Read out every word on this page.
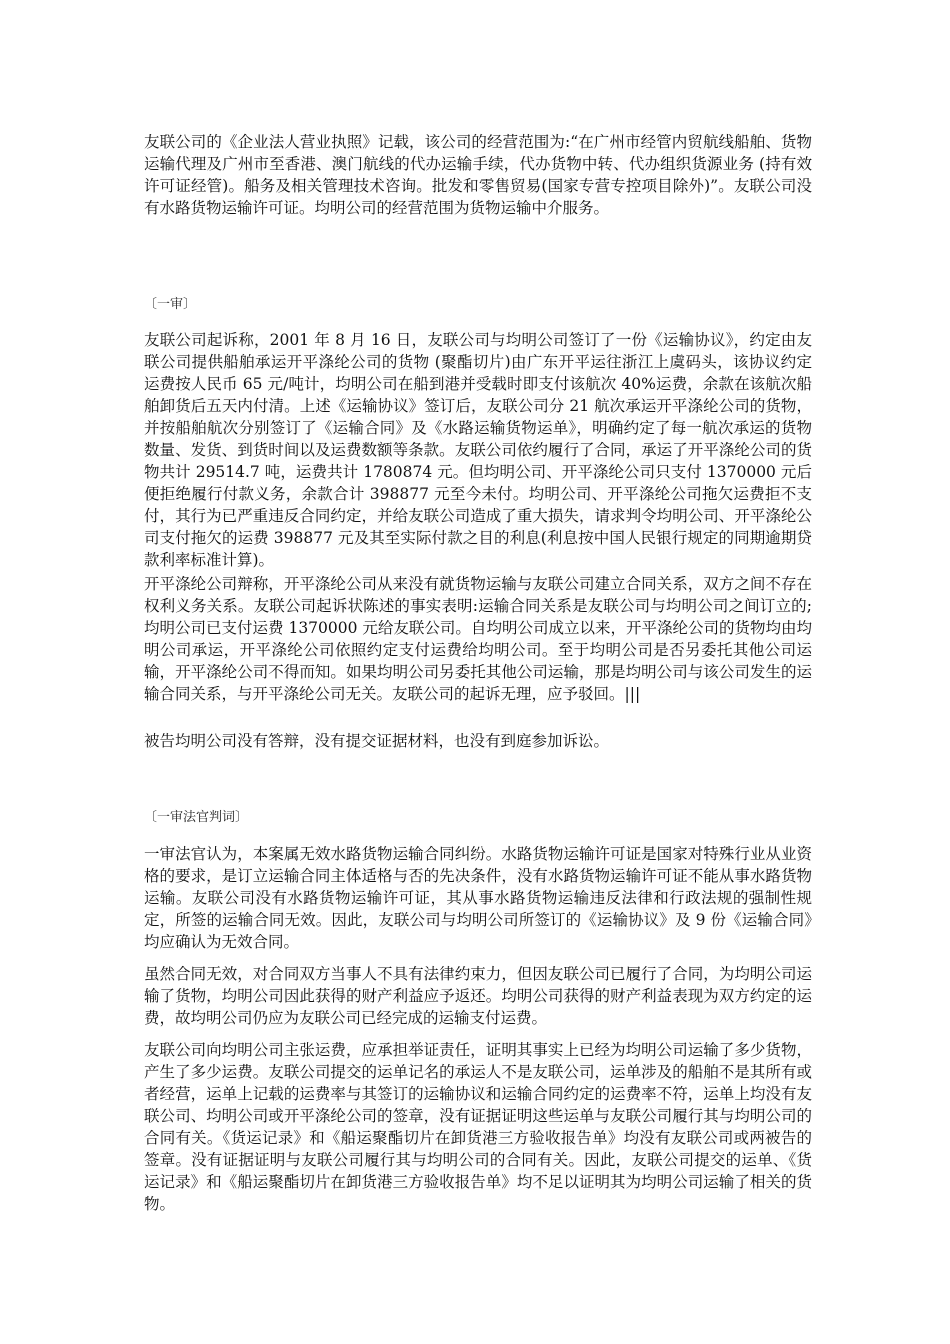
友联公司的《企业法人营业执照》记载，该公司的经营范围为:“在广州市经管内贸航线船舶、货物运输代理及广州市至香港、澳门航线的代办运输手续，代办货物中转、代办组织货源业务 (持有效许可证经管)。船务及相关管理技术咨询。批发和零售贸易(国家专营专控项目除外)”。友联公司没有水路货物运输许可证。均明公司的经营范围为货物运输中介服务。

〔一审〕

友联公司起诉称，2001 年 8 月 16 日，友联公司与均明公司签订了一份《运输协议》，约定由友联公司提供船舶承运开平涤纶公司的货物 (聚酯切片)由广东开平运往浙江上虞码头，该协议约定运费按人民币 65 元/吨计，均明公司在船到港并受载时即支付该航次 40%运费，余款在该航次船舶卸货后五天内付清。上述《运输协议》签订后，友联公司分 21 航次承运开平涤纶公司的货物，并按船舶航次分别签订了《运输合同》及《水路运输货物运单》，明确约定了每一航次承运的货物数量、发货、到货时间以及运费数额等条款。友联公司依约履行了合同，承运了开平涤纶公司的货物共计 29514.7 吨，运费共计 1780874 元。但均明公司、开平涤纶公司只支付 1370000 元后便拒绝履行付款义务，余款合计 398877 元至今未付。均明公司、开平涤纶公司拖欠运费拒不支付，其行为已严重违反合同约定，并给友联公司造成了重大损失，请求判令均明公司、开平涤纶公司支付拖欠的运费 398877 元及其至实际付款之目的利息(利息按中国人民银行规定的同期逾期贷款利率标准计算)。

开平涤纶公司辩称，开平涤纶公司从来没有就货物运输与友联公司建立合同关系，双方之间不存在权利义务关系。友联公司起诉状陈述的事实表明:运输合同关系是友联公司与均明公司之间订立的;均明公司已支付运费 1370000 元给友联公司。自均明公司成立以来，开平涤纶公司的货物均由均明公司承运，开平涤纶公司依照约定支付运费给均明公司。至于均明公司是否另委托其他公司运输，开平涤纶公司不得而知。如果均明公司另委托其他公司运输，那是均明公司与该公司发生的运输合同关系，与开平涤纶公司无关。友联公司的起诉无理，应予驳回。|||

被告均明公司没有答辩，没有提交证据材料，也没有到庭参加诉讼。

〔一审法官判词〕

一审法官认为，本案属无效水路货物运输合同纠纷。水路货物运输许可证是国家对特殊行业从业资格的要求，是订立运输合同主体适格与否的先决条件，没有水路货物运输许可证不能从事水路货物运输。友联公司没有水路货物运输许可证，其从事水路货物运输违反法律和行政法规的强制性规定，所签的运输合同无效。因此，友联公司与均明公司所签订的《运输协议》及 9 份《运输合同》均应确认为无效合同。

虽然合同无效，对合同双方当事人不具有法律约束力，但因友联公司已履行了合同，为均明公司运输了货物，均明公司因此获得的财产利益应予返还。均明公司获得的财产利益表现为双方约定的运费，故均明公司仍应为友联公司已经完成的运输支付运费。

友联公司向均明公司主张运费，应承担举证责任，证明其事实上已经为均明公司运输了多少货物，产生了多少运费。友联公司提交的运单记名的承运人不是友联公司，运单涉及的船舶不是其所有或者经营，运单上记载的运费率与其签订的运输协议和运输合同约定的运费率不符，运单上均没有友联公司、均明公司或开平涤纶公司的签章，没有证据证明这些运单与友联公司履行其与均明公司的合同有关。《货运记录》和《船运聚酯切片在卸货港三方验收报告单》均没有友联公司或两被告的签章。没有证据证明与友联公司履行其与均明公司的合同有关。因此，友联公司提交的运单、《货运记录》和《船运聚酯切片在卸货港三方验收报告单》均不足以证明其为均明公司运输了相关的货物。
